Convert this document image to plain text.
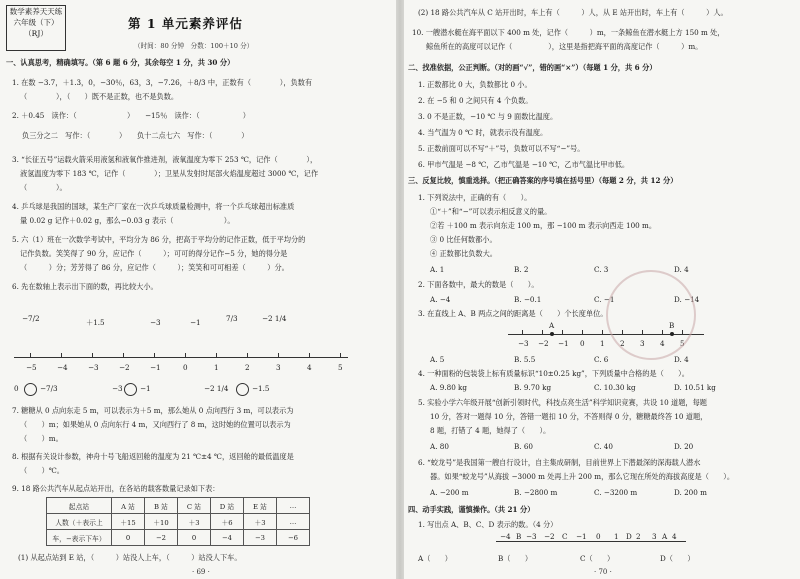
数学素养天天练
六年级（下）
（RJ）
第 1 单元素养评估
（时间：80 分钟　分数：100＋10 分）
一、认真思考，精确填写。（第 6 题 6 分，其余每空 1 分，共 30 分）
1. 在数 −3.7，＋1.3，0，−30％，63，3，−7.26，＋8/3 中，正数有（　　　　），负数有
（　　　　），（　　）既不是正数，也不是负数。
2. ＋0.45　读作：（　　　　　　　）　　−15％　读作：（　　　　　　）
负三分之二　写作：（　　　　）　　负十二点七六　写作：（　　　　）
3. “长征五号”运载火箭采用液氢和液氧作推进剂，液氧温度为零下 253 ℃，记作（　　　　），
液氢温度为零下 183 ℃，记作（　　　　）；卫星从发射时尾部火焰温度超过 3000 ℃，记作
（　　　　）。
4. 乒乓球是我国的国球，某生产厂家在一次乒乓球质量检测中，将一个乒乓球超出标准质
量 0.02 g 记作＋0.02 g，那么−0.03 g 表示（　　　　　　　）。
5. 六（1）班在一次数学考试中，平均分为 86 分，把高于平均分的记作正数，低于平均分的
记作负数。笑笑得了 90 分，应记作（　　　）；可可的得分记作−5 分，她的得分是
（　　　）分；芳芳得了 86 分，应记作（　　　）；笑笑和可可相差（　　　）分。
6. 先在数轴上表示出下面的数，再比较大小。
−7/2	＋1.5	−3	−1	7/3	−2 1/4
−5	−4	−3	−2	−1	0	1	2	3	4	5
0	−7/3	−3 −1	−2 1/4	−1.5
7. 糖糖从 0 点向东走 5 m，可以表示为＋5 m，那么她从 0 点向西行 3 m，可以表示为
（　　）m；如果她从 0 点向东行 4 m，又向西行了 8 m，这时她的位置可以表示为
（　　）m。
8. 根据有关设计参数，神舟十号飞船返回舱的温度为 21 ℃±4 ℃，返回舱的最低温度是
（　　）℃。
9. 18 路公共汽车从起点站开出，在各站的载客数量记录如下表：
起点站	A 站	B 站	C 站	D 站	E 站	…
人数（＋表示上	＋15	＋10	＋3	＋6	＋3	…
车，−表示下车）	0	−2	0	−4	−3	−6
(1) 从起点站到 E 站，（　　　）站没人上车，（　　　）站没人下车。
· 69 ·
(2) 18 路公共汽车从 C 站开出时，车上有（　　　）人，从 E 站开出时，车上有（　　　）人。
10. 一艘潜水艇在海平面以下 400 m 处，记作（　　　）m，一条鲸鱼在潜水艇上方 150 m 处，
鲸鱼所在的高度可以记作（　　　　　），这里是指把海平面的高度记作（　　　）m。
二、找准依据，公正判断。（对的画“√”，错的画“×”）（每题 1 分，共 6 分）
1. 正数都比 0 大，负数都比 0 小。
2. 在 −5 和 0 之间只有 4 个负数。
3. 0 不是正数，−10 ℃ 与 9 面数比温度。
4. 当气温为 0 ℃ 时，就表示没有温度。
5. 正数前面可以不写“＋”号，负数可以不写“−”号。
6. 甲市气温是 −8 ℃，乙市气温是 −10 ℃，乙市气温比甲市低。
三、反复比较，慎重选择。（把正确答案的序号填在括号里）（每题 2 分，共 12 分）
1. 下列说法中，正确的有（　　）。
①“＋”和“−”可以表示相反意义的量。
②若 ＋100 m 表示向东走 100 m，那 −100 m 表示向西走 100 m。
③ 0 比任何数都小。
④ 正数都比负数大。
A. 1	B. 2	C. 3	D. 4
2. 下面各数中，最大的数是（　　）。
A. −4	B. −0.1	C. −1	D. −14
3. 在直线上 A、B 两点之间的距离是（　　）个长度单位。
A	B
−3 −2 −1 0 1 2 3 4 5
A. 5	B. 5.5	C. 6	D. 4
4. 一种面粉的包装袋上标有质量标识“10±0.25 kg”，下列质量中合格的是（　　）。
A. 9.80 kg	B. 9.70 kg	C. 10.30 kg	D. 10.51 kg
5. 实验小学六年级开展“创新引领时代，科技点亮生活”科学知识竞赛，共设 10 道题，每题
10 分，答对一题得 10 分，答错一题扣 10 分，不答则得 0 分，糖糖最终答 10 道题，
8 题，打错了 4 题，她得了（　　）。
A. 80	B. 60	C. 40	D. 20
6. “蛟龙号”是我国第一艘自行设计，自主集成研制，目前世界上下潜最深的深海载人潜水
器。如果“蛟龙号”从海拔 −3000 m 处再上升 200 m，那么它现在所处的海拔高度是（　　）。
A. −200 m	B. −2800 m	C. −3200 m	D. 200 m
四、动手实践，谨慎操作。（共 21 分）
1. 写出点 A、B、C、D 表示的数。（4 分）
−4 B −3 −2 C −1 0 1 D 2 3 A 4
A（　　）	B（　　）	C（　　）	D（　　）
· 70 ·
